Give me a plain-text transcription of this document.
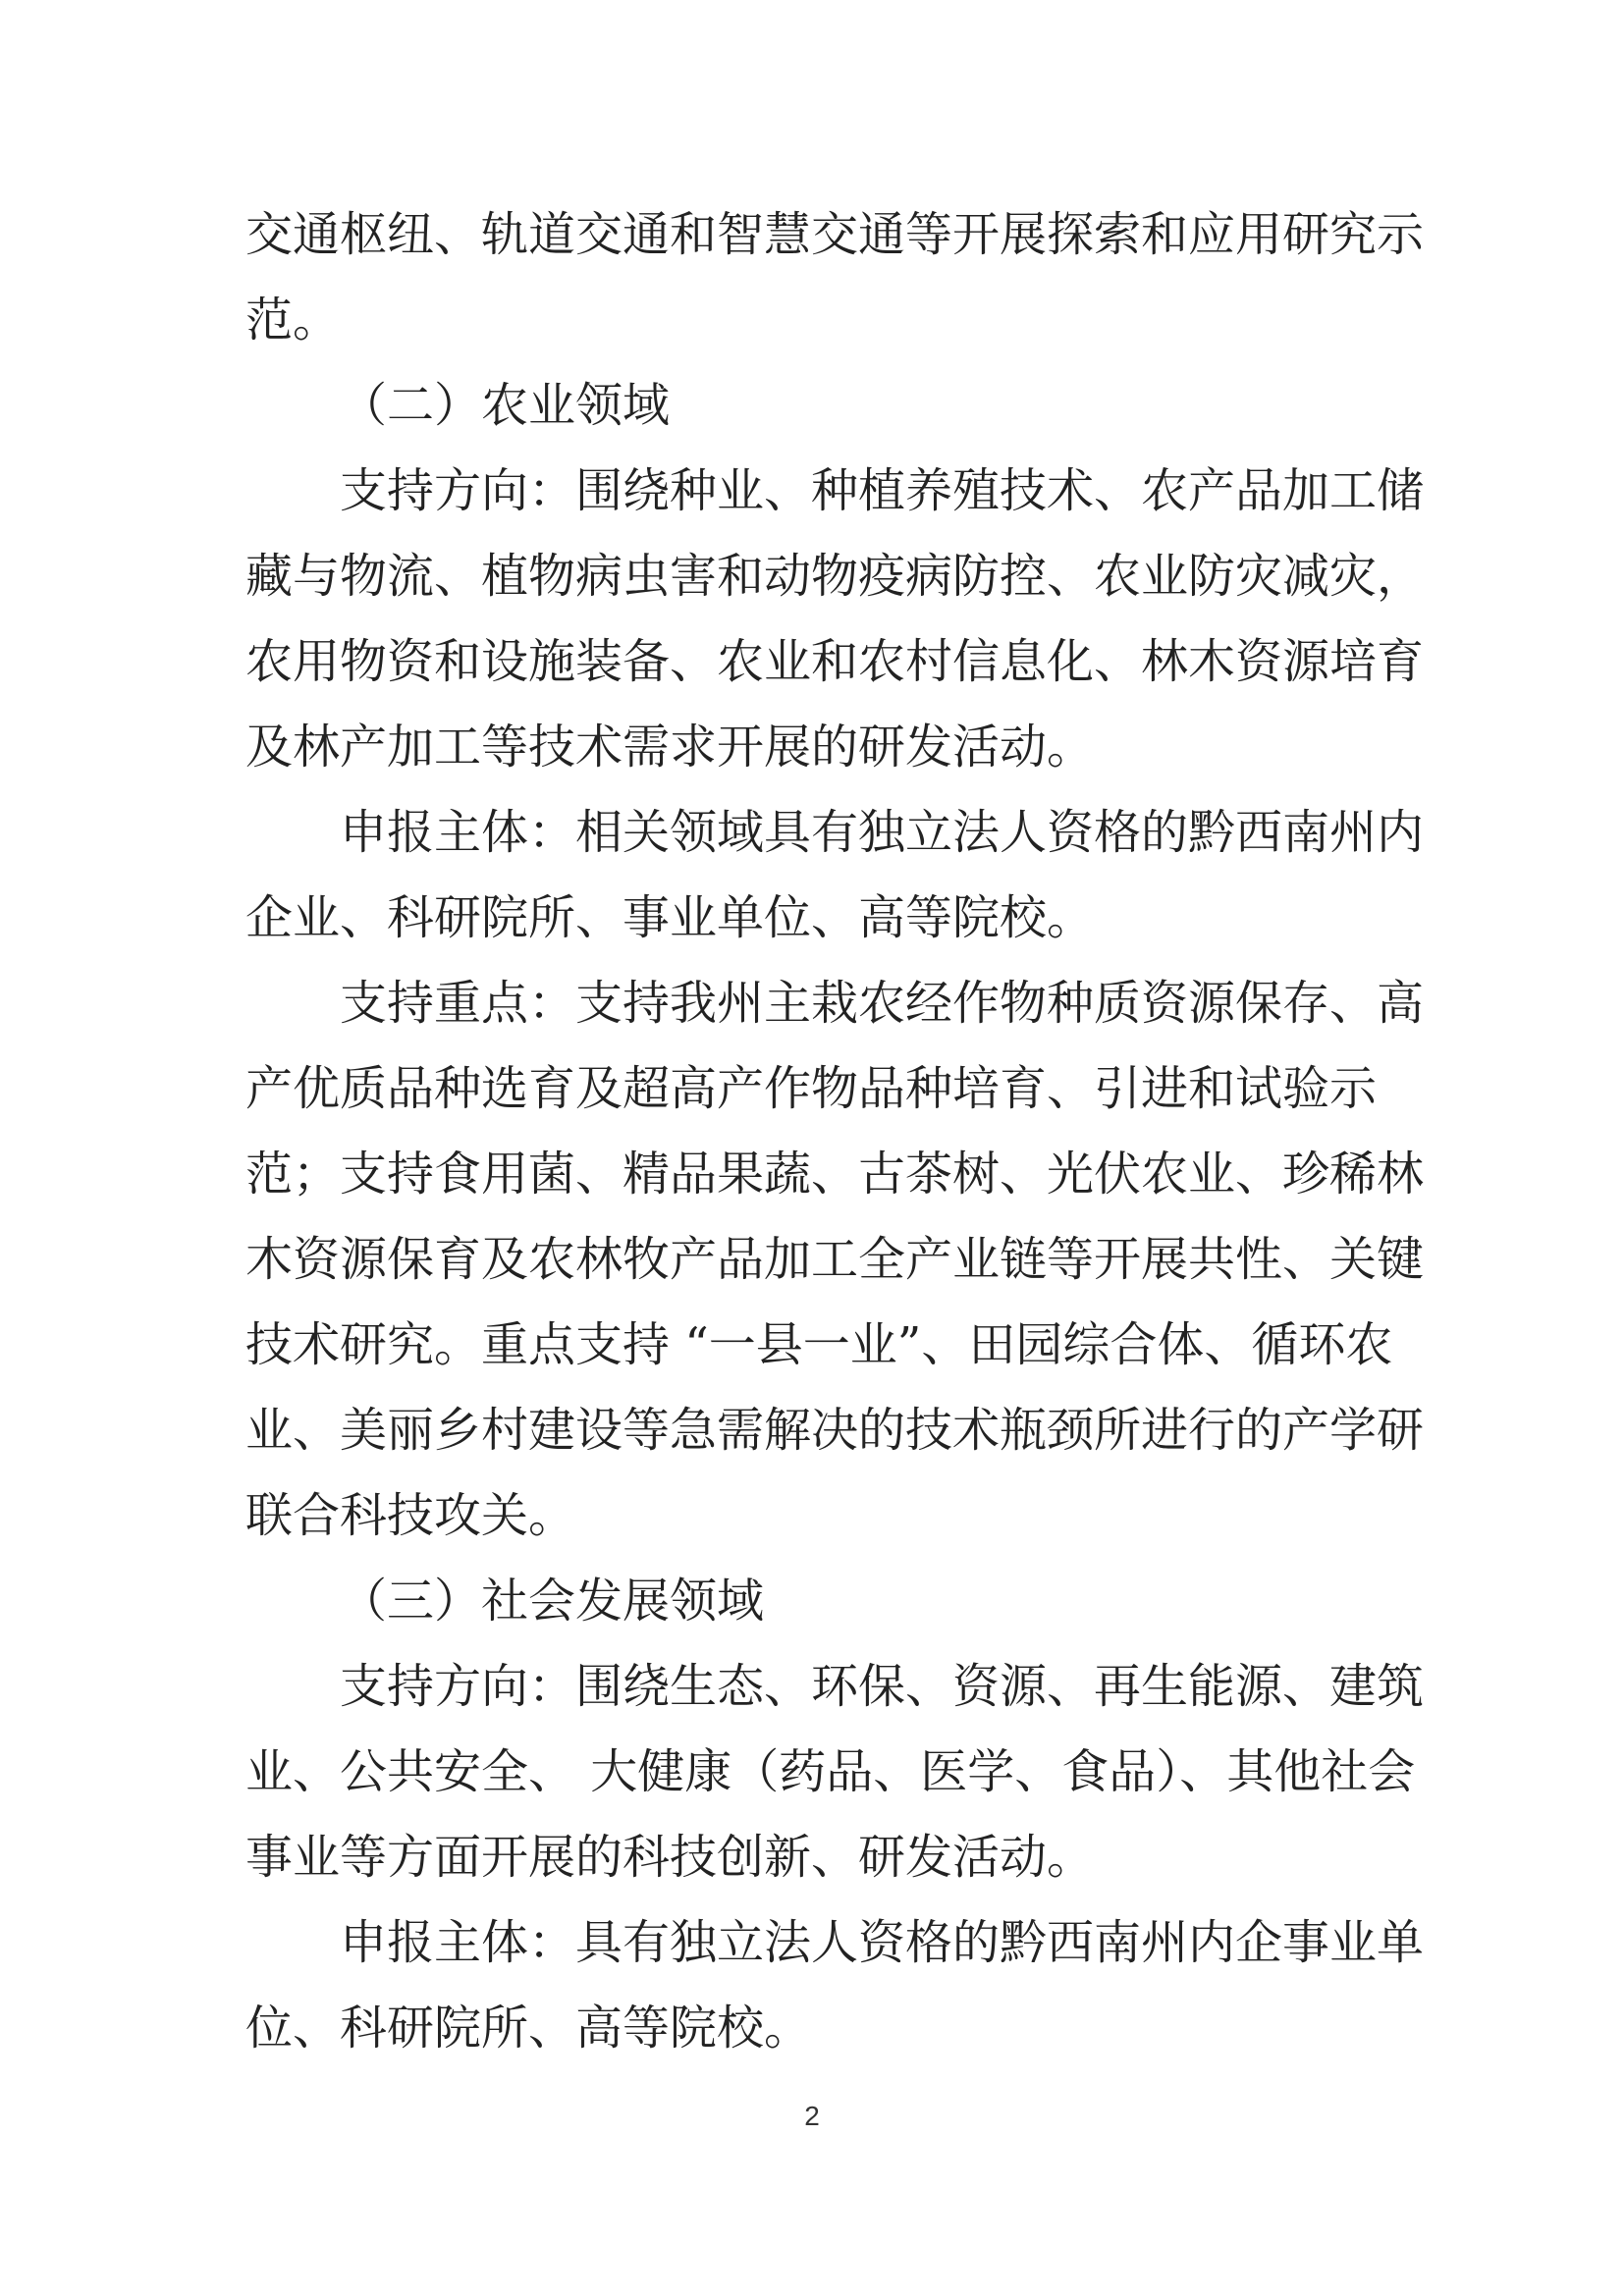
交通枢纽、轨道交通和智慧交通等开展探索和应用研究示
范。
（二）农业领域
支持方向：围绕种业、种植养殖技术、农产品加工储
藏与物流、植物病虫害和动物疫病防控、农业防灾减灾，
农用物资和设施装备、农业和农村信息化、林木资源培育
及林产加工等技术需求开展的研发活动。
申报主体：相关领域具有独立法人资格的黔西南州内
企业、科研院所、事业单位、高等院校。
支持重点：支持我州主栽农经作物种质资源保存、高
产优质品种选育及超高产作物品种培育、引进和试验示
范；支持食用菌、精品果蔬、古茶树、光伏农业、珍稀林
木资源保育及农林牧产品加工全产业链等开展共性、关键
技术研究。重点支持 “一县一业”、田园综合体、循环农
业、美丽乡村建设等急需解决的技术瓶颈所进行的产学研
联合科技攻关。
（三）社会发展领域
支持方向：围绕生态、环保、资源、再生能源、建筑
业、公共安全、 大健康（药品、医学、食品）、其他社会
事业等方面开展的科技创新、研发活动。
申报主体：具有独立法人资格的黔西南州内企事业单
位、科研院所、高等院校。
2
